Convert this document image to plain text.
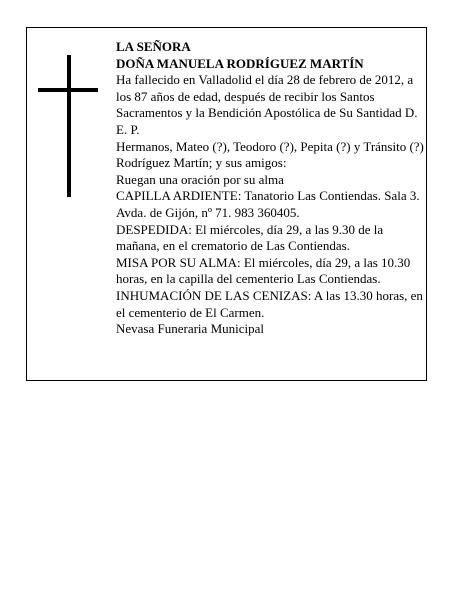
LA SEÑORA

DOÑA MANUELA RODRÍGUEZ MARTÍN

Ha fallecido en Valladolid el día 28 de febrero de 2012, a los 87 años de edad, después de recibir los Santos Sacramentos y la Bendición Apostólica de Su Santidad D. E. P.

Hermanos, Mateo (?), Teodoro (?), Pepita (?) y Tránsito (?) Rodríguez Martín; y sus amigos:

Ruegan una oración por su alma

CAPILLA ARDIENTE: Tanatorio Las Contiendas. Sala 3. Avda. de Gijón, nº 71. 983 360405.

DESPEDIDA: El miércoles, día 29, a las 9.30 de la mañana, en el crematorio de Las Contiendas.

MISA POR SU ALMA: El miércoles, día 29, a las 10.30 horas, en la capilla del cementerio Las Contiendas.

INHUMACIÓN DE LAS CENIZAS: A las 13.30 horas, en el cementerio de El Carmen.

Nevasa Funeraria Municipal
